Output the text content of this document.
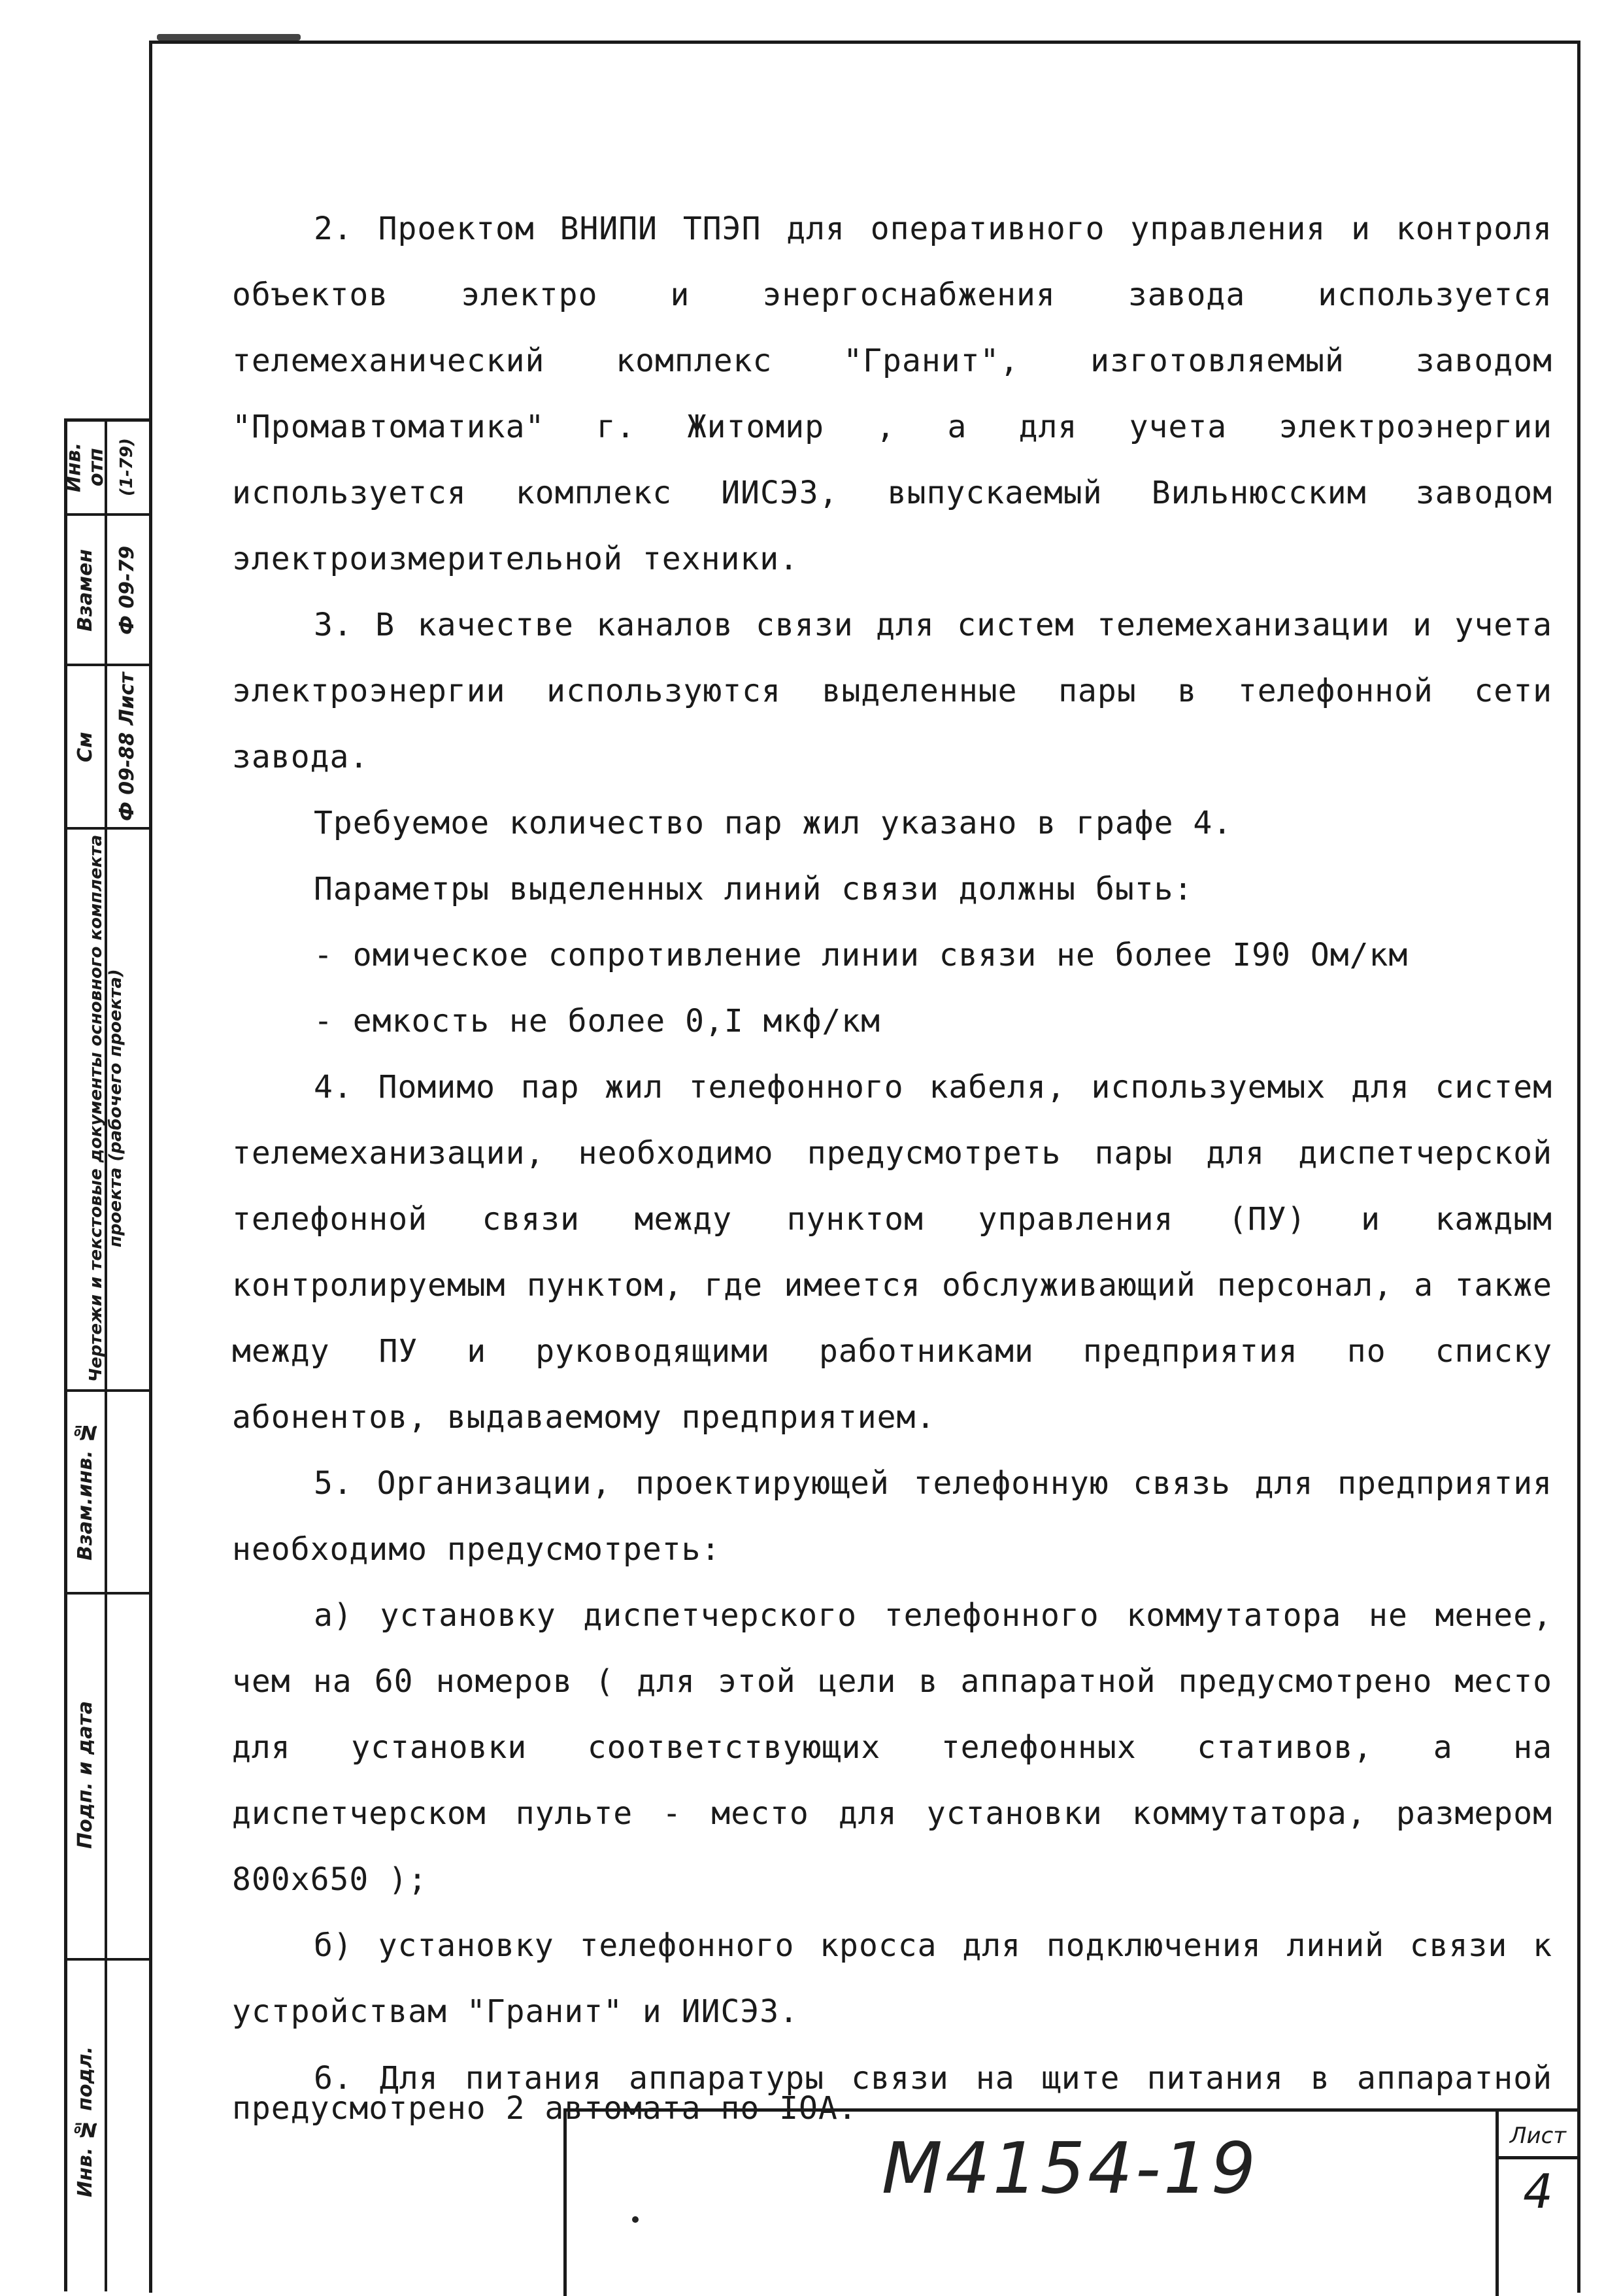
Инв. отп (1-79)
Взамен Ф 09-79
См Ф 09-88 Лист
Чертежи и текстовые документы основного комплекта проекта (рабочего проекта)
Взам.инв. №
Подп. и дата
Инв. № подл.

2. Проектом ВНИПИ ТПЭП для оперативного управления и контроля объектов электро и энергоснабжения завода используется телемеханический комплекс "Гранит", изготовляемый заводом "Промавтоматика" г. Житомир , а для учета электроэнергии используется комплекс ИИСЭЗ, выпускаемый Вильнюсским заводом электроизмерительной техники.

3. В качестве каналов связи для систем телемеханизации и учета электроэнергии используются выделенные пары в телефонной сети завода.

Требуемое количество пар жил указано в графе 4.

Параметры выделенных линий связи должны быть:

- омическое сопротивление линии связи не более I90 Ом/км

- емкость не более 0,I мкф/км

4. Помимо пар жил телефонного кабеля, используемых для систем телемеханизации, необходимо предусмотреть пары для диспетчерской телефонной связи между пунктом управления (ПУ) и каждым контролируемым пунктом, где имеется обслуживающий персонал, а также между ПУ и руководящими работниками предприятия по списку абонентов, выдаваемому предприятием.

5. Организации, проектирующей телефонную связь для предприятия необходимо предусмотреть:

а) установку диспетчерского телефонного коммутатора не менее, чем на 60 номеров ( для этой цели в аппаратной предусмотрено место для установки соответствующих телефонных стативов, а на диспетчерском пульте - место для установки коммутатора, размером 800х650 );

б) установку телефонного кросса для подключения линий связи к устройствам "Гранит" и ИИСЭЗ.

6. Для питания аппаратуры связи на щите питания в аппаратной предусмотрено 2 автомата по IOA.

M4154-19	Лист
4
